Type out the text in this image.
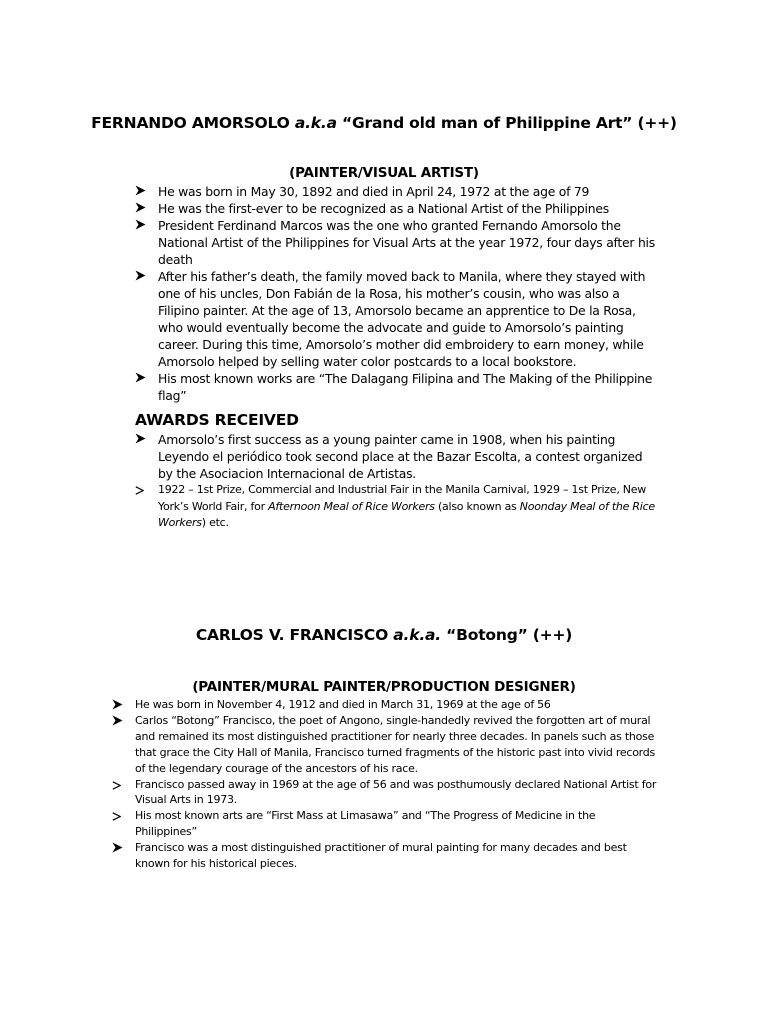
FERNANDO AMORSOLO a.k.a “Grand old man of Philippine Art” (++)
(PAINTER/VISUAL ARTIST)
He was born in May 30, 1892 and died in April 24, 1972 at the age of 79
He was the first-ever to be recognized as a National Artist of the Philippines
President Ferdinand Marcos was the one who granted Fernando Amorsolo the National Artist of the Philippines for Visual Arts at the year 1972, four days after his death
After his father’s death, the family moved back to Manila, where they stayed with one of his uncles, Don Fabián de la Rosa, his mother’s cousin, who was also a Filipino painter. At the age of 13, Amorsolo became an apprentice to De la Rosa, who would eventually become the advocate and guide to Amorsolo’s painting career. During this time, Amorsolo’s mother did embroidery to earn money, while Amorsolo helped by selling water color postcards to a local bookstore.
His most known works are “The Dalagang Filipina and The Making of the Philippine flag”
AWARDS RECEIVED
Amorsolo’s first success as a young painter came in 1908, when his painting Leyendo el periódico took second place at the Bazar Escolta, a contest organized by the Asociacion Internacional de Artistas.
1922 – 1st Prize, Commercial and Industrial Fair in the Manila Carnival, 1929 – 1st Prize, New York’s World Fair, for Afternoon Meal of Rice Workers (also known as Noonday Meal of the Rice Workers) etc.
CARLOS V. FRANCISCO a.k.a. “Botong” (++)
(PAINTER/MURAL PAINTER/PRODUCTION DESIGNER)
He was born in November 4, 1912 and died in March 31, 1969 at the age of 56
Carlos “Botong” Francisco, the poet of Angono, single-handedly revived the forgotten art of mural and remained its most distinguished practitioner for nearly three decades. In panels such as those that grace the City Hall of Manila, Francisco turned fragments of the historic past into vivid records of the legendary courage of the ancestors of his race.
Francisco passed away in 1969 at the age of 56 and was posthumously declared National Artist for Visual Arts in 1973.
His most known arts are “First Mass at Limasawa” and “The Progress of Medicine in the Philippines”
Francisco was a most distinguished practitioner of mural painting for many decades and best known for his historical pieces.
